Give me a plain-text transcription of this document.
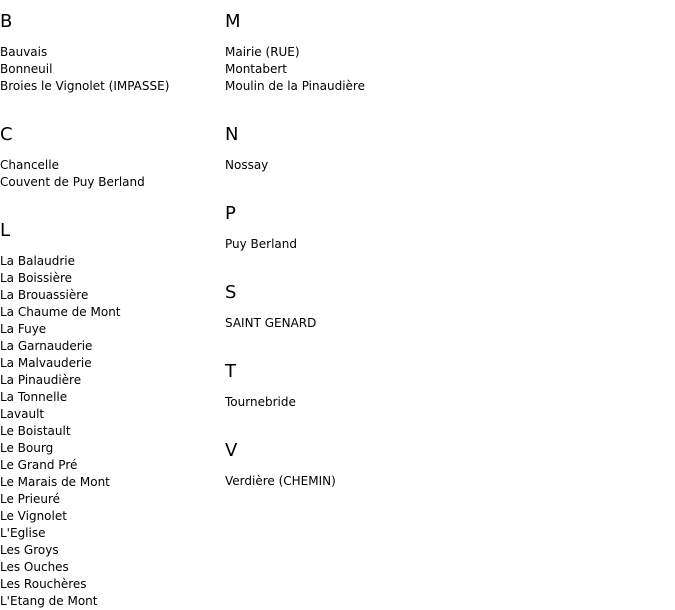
B
Bauvais
Bonneuil
Broies le Vignolet (IMPASSE)
C
Chancelle
Couvent de Puy Berland
L
La Balaudrie
La Boissière
La Brouassière
La Chaume de Mont
La Fuye
La Garnauderie
La Malvauderie
La Pinaudière
La Tonnelle
Lavault
Le Boistault
Le Bourg
Le Grand Pré
Le Marais de Mont
Le Prieuré
Le Vignolet
L'Eglise
Les Groys
Les Ouches
Les Rouchères
L'Etang de Mont
M
Mairie (RUE)
Montabert
Moulin de la Pinaudière
N
Nossay
P
Puy Berland
S
SAINT GENARD
T
Tournebride
V
Verdière (CHEMIN)
